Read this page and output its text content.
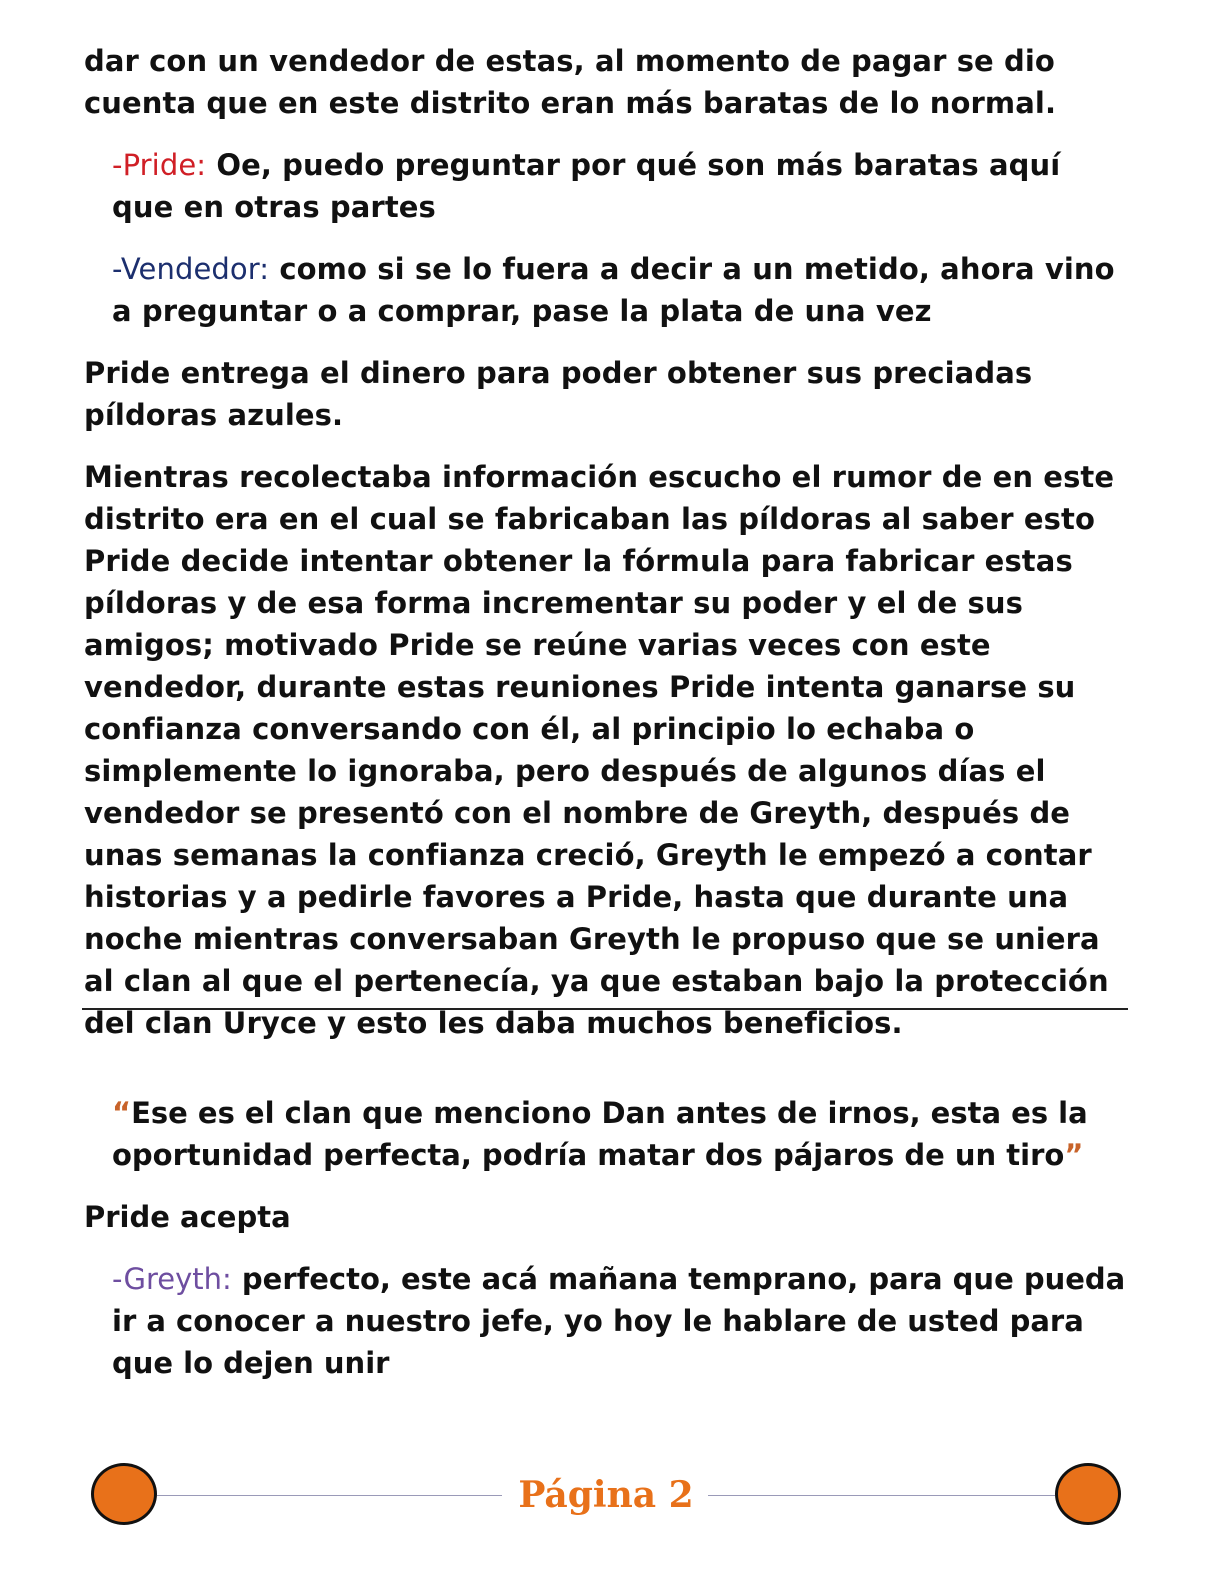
dar con un vendedor de estas, al momento de pagar se dio cuenta que en este distrito eran más baratas de lo normal.

-Pride: Oe, puedo preguntar por qué son más baratas aquí que en otras partes

-Vendedor: como si se lo fuera a decir a un metido, ahora vino a preguntar o a comprar, pase la plata de una vez

Pride entrega el dinero para poder obtener sus preciadas píldoras azules.

Mientras recolectaba información escucho el rumor de en este distrito era en el cual se fabricaban las píldoras al saber esto Pride decide intentar obtener la fórmula para fabricar estas píldoras y de esa forma incrementar su poder y el de sus amigos; motivado Pride se reúne varias veces con este vendedor, durante estas reuniones Pride intenta ganarse su confianza conversando con él, al principio lo echaba o simplemente lo ignoraba, pero después de algunos días el vendedor se presentó con el nombre de Greyth, después de unas semanas la confianza creció, Greyth le empezó a contar historias y a pedirle favores a Pride, hasta que durante una noche mientras conversaban Greyth le propuso que se uniera al clan al que el pertenecía, ya que estaban bajo la protección del clan Uryce y esto les daba muchos beneficios.

“Ese es el clan que menciono Dan antes de irnos, esta es la oportunidad perfecta, podría matar dos pájaros de un tiro”

Pride acepta

-Greyth: perfecto, este acá mañana temprano, para que pueda ir a conocer a nuestro jefe, yo hoy le hablare de usted para que lo dejen unir

Página 2
